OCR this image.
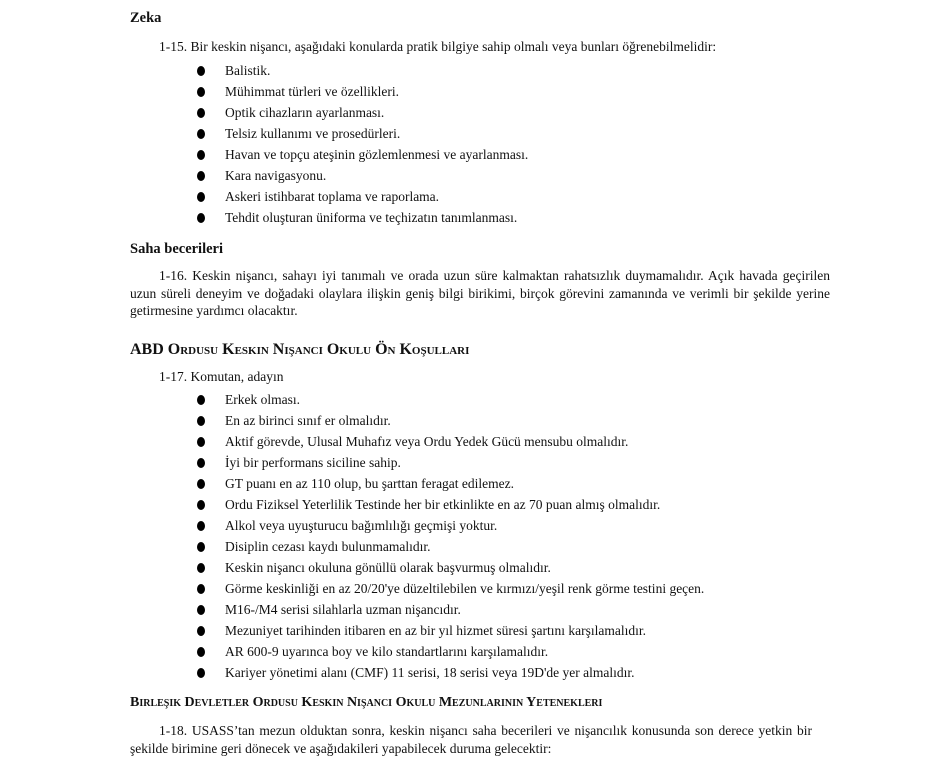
Zeka

1-15. Bir keskin nişancı, aşağıdaki konularda pratik bilgiye sahip olmalı veya bunları öğrenebilmelidir:

Balistik.
Mühimmat türleri ve özellikleri.
Optik cihazların ayarlanması.
Telsiz kullanımı ve prosedürleri.
Havan ve topçu ateşinin gözlemlenmesi ve ayarlanması.
Kara navigasyonu.
Askeri istihbarat toplama ve raporlama.
Tehdit oluşturan üniforma ve teçhizatın tanımlanması.
Saha becerileri

1-16. Keskin nişancı, sahayı iyi tanımalı ve orada uzun süre kalmaktan rahatsızlık duymamalıdır. Açık havada geçirilen uzun süreli deneyim ve doğadaki olaylara ilişkin geniş bilgi birikimi, birçok görevini zamanında ve verimli bir şekilde yerine getirmesine yardımcı olacaktır.

ABD Ordusu Keskin Nişancı Okulu Ön Koşulları

1-17. Komutan, adayın

Erkek olması.
En az birinci sınıf er olmalıdır.
Aktif görevde, Ulusal Muhafız veya Ordu Yedek Gücü mensubu olmalıdır.
İyi bir performans siciline sahip.
GT puanı en az 110 olup, bu şarttan feragat edilemez.
Ordu Fiziksel Yeterlilik Testinde her bir etkinlikte en az 70 puan almış olmalıdır.
Alkol veya uyuşturucu bağımlılığı geçmişi yoktur.
Disiplin cezası kaydı bulunmamalıdır.
Keskin nişancı okuluna gönüllü olarak başvurmuş olmalıdır.
Görme keskinliği en az 20/20'ye düzeltilebilen ve kırmızı/yeşil renk görme testini geçen.
M16-/M4 serisi silahlarla uzman nişancıdır.
Mezuniyet tarihinden itibaren en az bir yıl hizmet süresi şartını karşılamalıdır.
AR 600-9 uyarınca boy ve kilo standartlarını karşılamalıdır.
Kariyer yönetimi alanı (CMF) 11 serisi, 18 serisi veya 19D'de yer almalıdır.
Birleşik Devletler Ordusu Keskin Nişancı Okulu Mezunlarının Yetenekleri

1-18. USASS’tan mezun olduktan sonra, keskin nişancı saha becerileri ve nişancılık konusunda son derece yetkin bir şekilde birimine geri dönecek ve aşağıdakileri yapabilecek duruma gelecektir:
